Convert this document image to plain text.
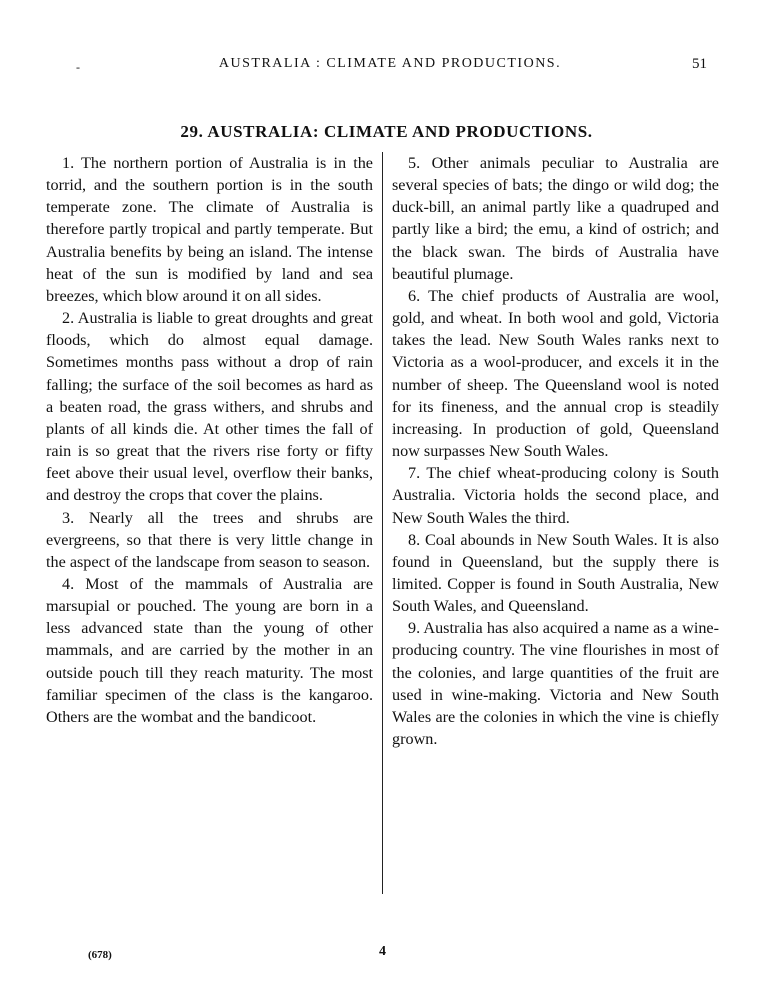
-	AUSTRALIA : CLIMATE AND PRODUCTIONS.	51
29. AUSTRALIA: CLIMATE AND PRODUCTIONS.

1. The northern portion of Australia is in the torrid, and the southern portion is in the south temperate zone. The climate of Australia is therefore partly tropical and partly temperate. But Australia benefits by being an island. The intense heat of the sun is modified by land and sea breezes, which blow around it on all sides.

2. Australia is liable to great droughts and great floods, which do almost equal damage. Sometimes months pass without a drop of rain falling; the surface of the soil becomes as hard as a beaten road, the grass withers, and shrubs and plants of all kinds die. At other times the fall of rain is so great that the rivers rise forty or fifty feet above their usual level, overflow their banks, and destroy the crops that cover the plains.

3. Nearly all the trees and shrubs are evergreens, so that there is very little change in the aspect of the landscape from season to season.

4. Most of the mammals of Australia are marsupial or pouched. The young are born in a less advanced state than the young of other mammals, and are carried by the mother in an outside pouch till they reach maturity. The most familiar specimen of the class is the kangaroo. Others are the wombat and the bandicoot.

5. Other animals peculiar to Australia are several species of bats; the dingo or wild dog; the duck-bill, an animal partly like a quadruped and partly like a bird; the emu, a kind of ostrich; and the black swan. The birds of Australia have beautiful plumage.

6. The chief products of Australia are wool, gold, and wheat. In both wool and gold, Victoria takes the lead. New South Wales ranks next to Victoria as a wool-producer, and excels it in the number of sheep. The Queensland wool is noted for its fineness, and the annual crop is steadily increasing. In production of gold, Queensland now surpasses New South Wales.

7. The chief wheat-producing colony is South Australia. Victoria holds the second place, and New South Wales the third.

8. Coal abounds in New South Wales. It is also found in Queensland, but the supply there is limited. Copper is found in South Australia, New South Wales, and Queensland.

9. Australia has also acquired a name as a wine-producing country. The vine flourishes in most of the colonies, and large quantities of the fruit are used in wine-making. Victoria and New South Wales are the colonies in which the vine is chiefly grown.

(678)	4
